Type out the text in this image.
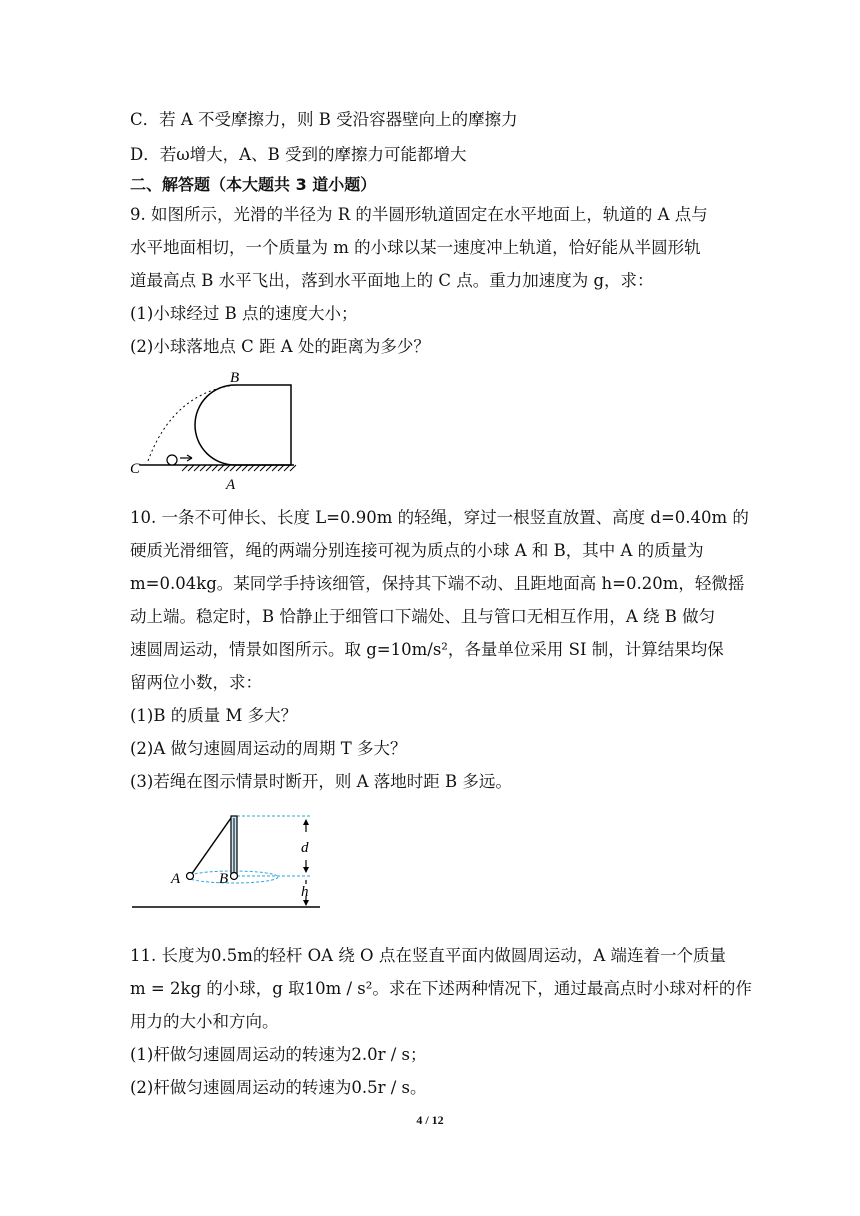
C．若 A 不受摩擦力，则 B 受沿容器壁向上的摩擦力
D．若ω增大，A、B 受到的摩擦力可能都增大
二、解答题（本大题共 3 道小题）
9. 如图所示，光滑的半径为 R 的半圆形轨道固定在水平地面上，轨道的 A 点与
水平地面相切，一个质量为 m 的小球以某一速度冲上轨道，恰好能从半圆形轨
道最高点 B 水平飞出，落到水平面地上的 C 点。重力加速度为 g，求：
(1)小球经过 B 点的速度大小；
(2)小球落地点 C 距 A 处的距离为多少？
B
C
A
10. 一条不可伸长、长度 L=0.90m 的轻绳，穿过一根竖直放置、高度 d=0.40m 的
硬质光滑细管，绳的两端分别连接可视为质点的小球 A 和 B，其中 A 的质量为
m=0.04kg。某同学手持该细管，保持其下端不动、且距地面高 h=0.20m，轻微摇
动上端。稳定时，B 恰静止于细管口下端处、且与管口无相互作用，A 绕 B 做匀
速圆周运动，情景如图所示。取 g=10m/s²，各量单位采用 SI 制，计算结果均保
留两位小数，求：
(1)B 的质量 M 多大？
(2)A 做匀速圆周运动的周期 T 多大？
(3)若绳在图示情景时断开，则 A 落地时距 B 多远。
A	B
d
h
11. 长度为0.5m的轻杆 OA 绕 O 点在竖直平面内做圆周运动，A 端连着一个质量
m = 2kg 的小球，g 取10m / s²。求在下述两种情况下，通过最高点时小球对杆的作
用力的大小和方向。
(1)杆做匀速圆周运动的转速为2.0r / s；
(2)杆做匀速圆周运动的转速为0.5r / s。
4 / 12
